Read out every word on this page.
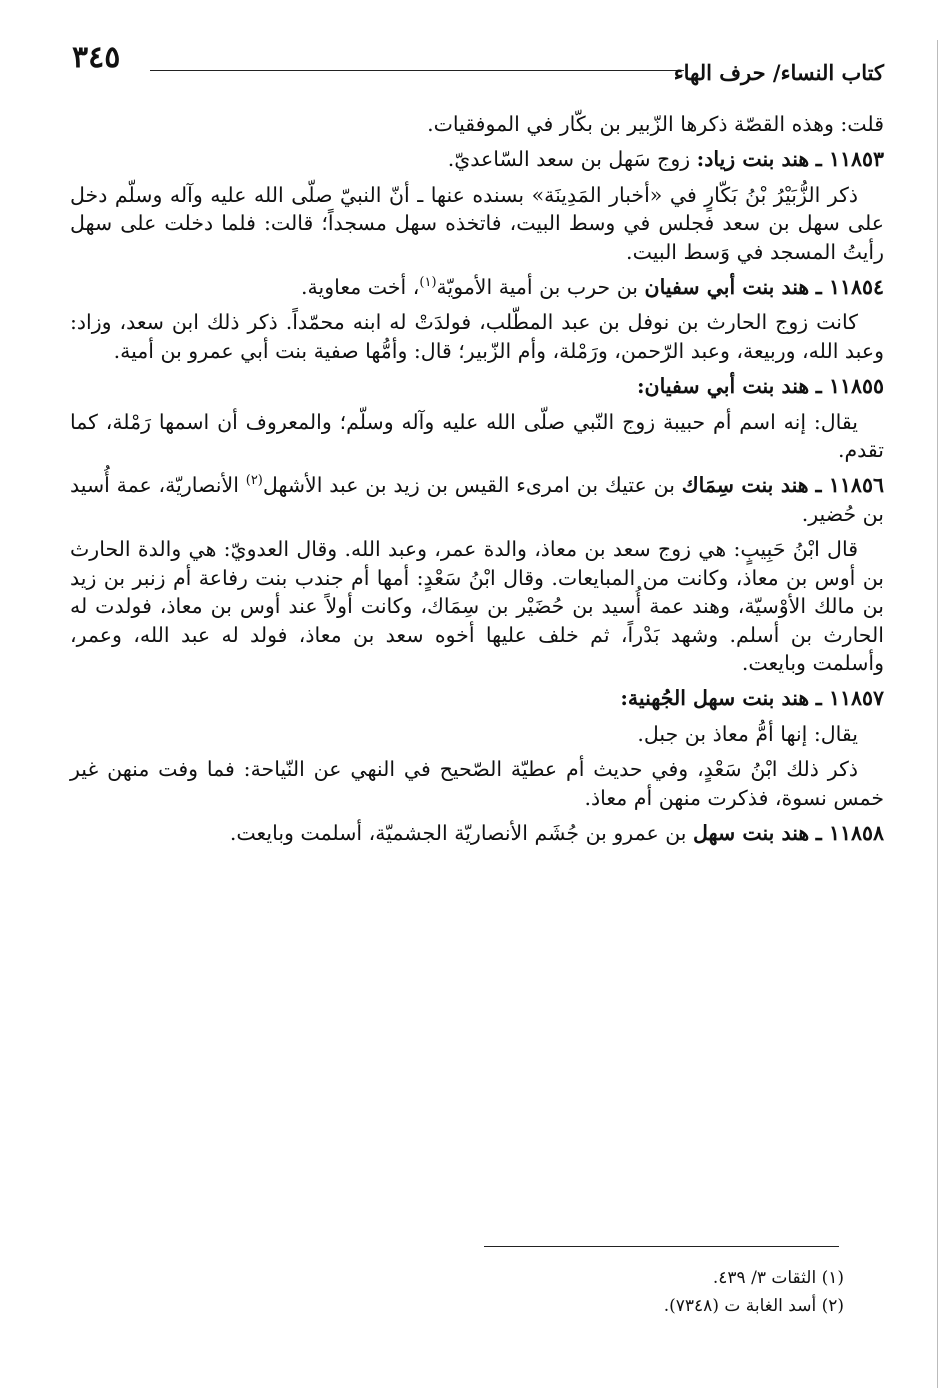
٣٤٥	كتاب النساء/ حرف الهاء

قلت: وهذه القصّة ذكرها الزّبير بن بكّار في الموفقيات.

١١٨٥٣ ـ هند بنت زياد: زوج سَهل بن سعد السّاعديّ.

ذكر الزُّبَيْرُ بْنُ بَكّارٍ في «أخبار المَدِينَة» بسنده عنها ـ أنّ النبيّ صلّى الله عليه وآله وسلّم دخل على سهل بن سعد فجلس في وسط البيت، فاتخذه سهل مسجداً؛ قالت: فلما دخلت على سهل رأيتُ المسجد في وَسط البيت.

١١٨٥٤ ـ هند بنت أبي سفيان بن حرب بن أمية الأمويّة$^{(١)}$، أخت معاوية.

كانت زوج الحارث بن نوفل بن عبد المطّلب، فولدَتْ له ابنه محمّداً. ذكر ذلك ابن سعد، وزاد: وعبد الله، وربيعة، وعبد الرّحمن، ورَمْلة، وأم الزّبير؛ قال: وأمُّها صفية بنت أبي عمرو بن أمية.

١١٨٥٥ ـ هند بنت أبي سفيان:

يقال: إنه اسم أم حبيبة زوج النّبي صلّى الله عليه وآله وسلّم؛ والمعروف أن اسمها رَمْلة، كما تقدم.

١١٨٥٦ ـ هند بنت سِمَاك بن عتيك بن امرىء القيس بن زيد بن عبد الأشهل$^{(٢)}$ الأنصاريّة، عمة أُسيد بن حُضير.

قال ابْنُ حَبِيبٍ: هي زوج سعد بن معاذ، والدة عمر، وعبد الله. وقال العدويّ: هي والدة الحارث بن أوس بن معاذ، وكانت من المبايعات. وقال ابْنُ سَعْدٍ: أمها أم جندب بنت رفاعة أم زنبر بن زيد بن مالك الأوْسيّة، وهند عمة أُسيد بن حُضَيْر بن سِمَاك، وكانت أولاً عند أوس بن معاذ، فولدت له الحارث بن أسلم. وشهد بَدْراً، ثم خلف عليها أخوه سعد بن معاذ، فولد له عبد الله، وعمر، وأسلمت وبايعت.

١١٨٥٧ ـ هند بنت سهل الجُهنية:

يقال: إنها أمُّ معاذ بن جبل.

ذكر ذلك ابْنُ سَعْدٍ، وفي حديث أم عطيّة الصّحيح في النهي عن النّياحة: فما وفت منهن غير خمس نسوة، فذكرت منهن أم معاذ.

١١٨٥٨ ـ هند بنت سهل بن عمرو بن جُشَم الأنصاريّة الجشميّة، أسلمت وبايعت.

(١) الثقات ٣/ ٤٣٩.

(٢) أسد الغابة ت (٧٣٤٨).
